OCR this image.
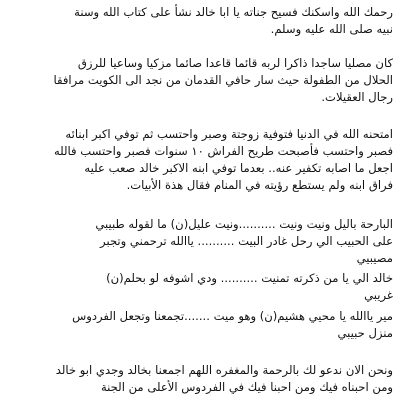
رحمك الله واسكنك فسيح جناته يا ابا خالد نشأ على كتاب الله وسنة
نبيه صلى الله عليه وسلم.

كان مصليا ساجدا ذاكرا لربه قائما قاعدا صائما مزكيا وساعيا للرزق
الحلال من الطفولة حيث سار حافي القدمان من نجد الى الكويت مرافقا
رجال العقيلات.

امتحنه الله في الدنيا فتوفية زوجتة وصبر واحتسب ثم توفي اكبر ابنائه
فصبر واحتسب فأصبحت طريح الفراش ١٠ سنوات فصبر واحتسب فالله
اجعل ما اصابه تكفير عنه.. بعدما توفي ابنه الاكبر خالد صعب عليه
فراق ابنه ولم يستطع رؤيته في المنام فقال هذة الأبيات.

البارحة باليل ونيت ونيت ..........ونيت عليل(ن) ما لقوله طبيبي
على الحبيب الي رحل غادر البيت .......... ياالله ترحمني وتجبر
مصيبيي

خالد الي يا من ذكرته تمنيت .......... ودي اشوفه لو بحلم(ن)
غريبي

مير ياالله يا محيي هشيم(ن) وهو ميت .......تجمعنا وتجعل الفردوس
منزل حبيبي

ونحن الان ندعو لك بالرحمة والمغفره اللهم اجمعنا بخالد وجدي ابو خالد
ومن احبناه فيك ومن احبنا فيك في الفردوس الأعلى من الجنة
